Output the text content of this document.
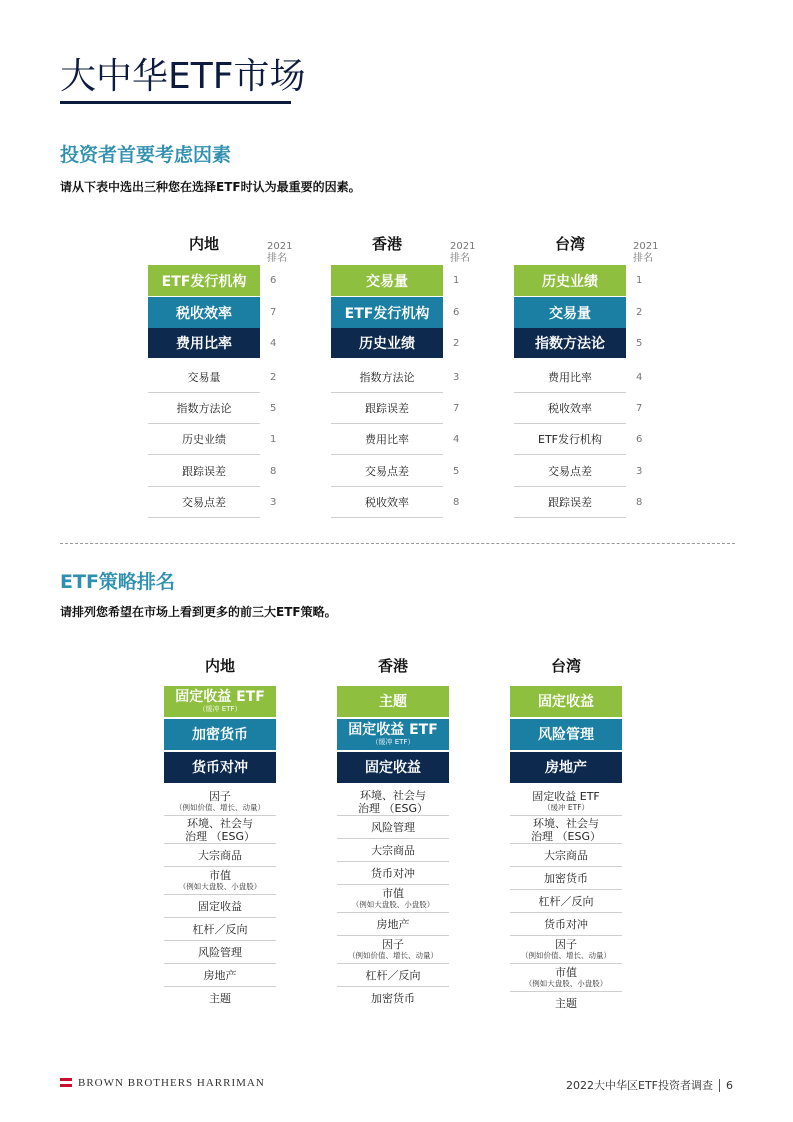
大中华ETF市场
投资者首要考虑因素
请从下表中选出三种您在选择ETF时认为最重要的因素。
内地	2021
排名
ETF发行机构	6
税收效率	7
费用比率	4
交易量	2
指数方法论	5
历史业绩	1
跟踪误差	8
交易点差	3
香港	2021
排名
交易量	1
ETF发行机构	6
历史业绩	2
指数方法论	3
跟踪误差	7
费用比率	4
交易点差	5
税收效率	8
台湾	2021
排名
历史业绩	1
交易量	2
指数方法论	5
费用比率	4
税收效率	7
ETF发行机构	6
交易点差	3
跟踪误差	8
ETF策略排名
请排列您希望在市场上看到更多的前三大ETF策略。
内地
固定收益 ETF
（缓冲 ETF）
加密货币
货币对冲
因子
（例如价值、增长、动量）
环境、社会与
治理 （ESG）
大宗商品
市值
（例如大盘股、小盘股）
固定收益
杠杆／反向
风险管理
房地产
主题
香港
主题
固定收益 ETF
（缓冲 ETF）
固定收益
环境、社会与
治理 （ESG）
风险管理
大宗商品
货币对冲
市值
（例如大盘股、小盘股）
房地产
因子
（例如价值、增长、动量）
杠杆／反向
加密货币
台湾
固定收益
风险管理
房地产
固定收益 ETF
（缓冲 ETF）
环境、社会与
治理 （ESG）
大宗商品
加密货币
杠杆／反向
货币对冲
因子
（例如价值、增长、动量）
市值
（例如大盘股、小盘股）
主题
BROWN BROTHERS HARRIMAN	2022大中华区ETF投资者调查 6
